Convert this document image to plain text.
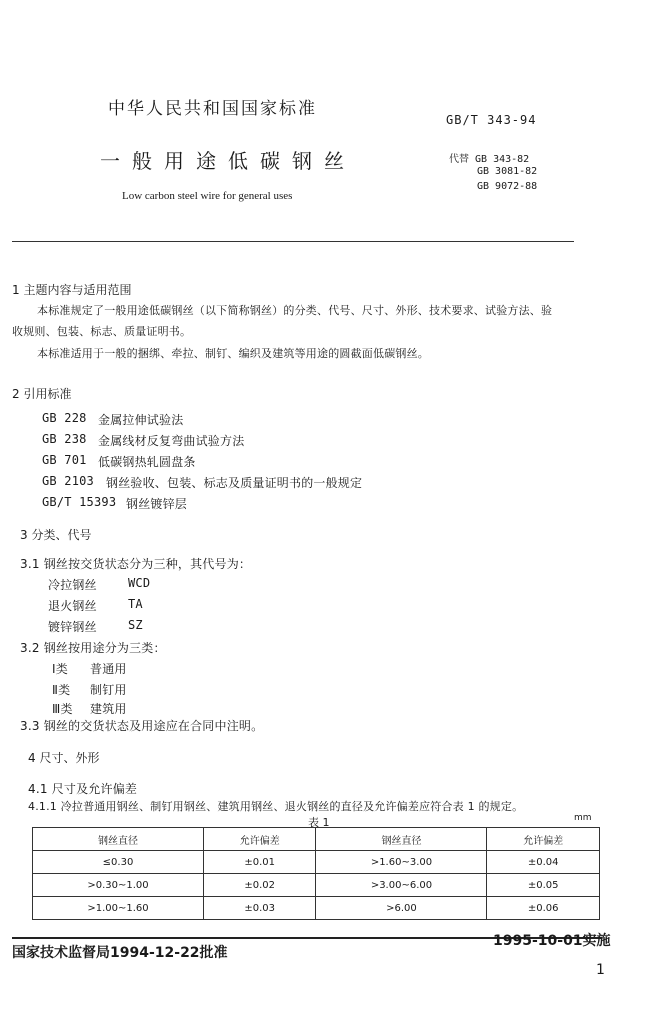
中华人民共和国国家标准
GB/T 343-94
一般用途低碳钢丝	代替 GB 343-82
GB 3081-82
GB 9072-88
Low carbon steel wire for general uses
1 主题内容与适用范围
本标准规定了一般用途低碳钢丝（以下简称钢丝）的分类、代号、尺寸、外形、技术要求、试验方法、验
收规则、包装、标志、质量证明书。
本标准适用于一般的捆绑、牵拉、制钉、编织及建筑等用途的圆截面低碳钢丝。
2 引用标准
GB 228 金属拉伸试验法
GB 238 金属线材反复弯曲试验方法
GB 701 低碳钢热轧圆盘条
GB 2103 钢丝验收、包装、标志及质量证明书的一般规定
GB/T 15393 钢丝镀锌层
3 分类、代号
3.1 钢丝按交货状态分为三种，其代号为：
冷拉钢丝	WCD
退火钢丝	TA
镀锌钢丝	SZ
3.2 钢丝按用途分为三类：
Ⅰ类 普通用
Ⅱ类 制钉用
Ⅲ类 建筑用
3.3 钢丝的交货状态及用途应在合同中注明。
4 尺寸、外形
4.1 尺寸及允许偏差
4.1.1 冷拉普通用钢丝、制钉用钢丝、建筑用钢丝、退火钢丝的直径及允许偏差应符合表 1 的规定。
mm
表 1
钢丝直径	允许偏差	钢丝直径	允许偏差
≤0.30	±0.01	>1.60~3.00	±0.04
>0.30~1.00	±0.02	>3.00~6.00	±0.05
>1.00~1.60	±0.03	>6.00	±0.06
国家技术监督局1994-12-22批准
1995-10-01实施
1
